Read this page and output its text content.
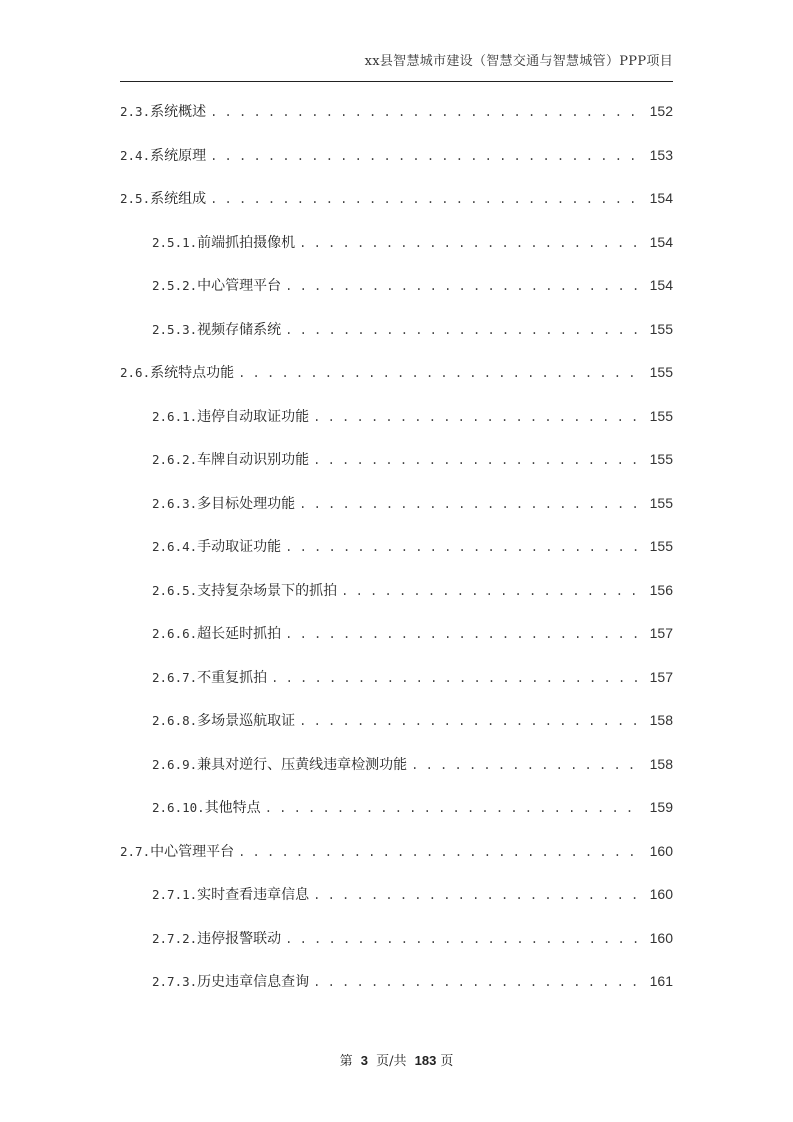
xx县智慧城市建设（智慧交通与智慧城管）PPP项目
2.3. 系统概述 . . .	152
2.4. 系统原理 . . .	153
2.5. 系统组成 . . .	154
2.5.1. 前端抓拍摄像机 . . .	154
2.5.2. 中心管理平台 . . .	154
2.5.3. 视频存储系统 . . .	155
2.6. 系统特点功能 . . .	155
2.6.1. 违停自动取证功能 . . .	155
2.6.2. 车牌自动识别功能 . . .	155
2.6.3. 多目标处理功能 . . .	155
2.6.4. 手动取证功能 . . .	155
2.6.5. 支持复杂场景下的抓拍 . . .	156
2.6.6. 超长延时抓拍 . . .	157
2.6.7. 不重复抓拍 . . .	157
2.6.8. 多场景巡航取证 . . .	158
2.6.9. 兼具对逆行、压黄线违章检测功能 . . .	158
2.6.10. 其他特点 . . .	159
2.7. 中心管理平台 . . .	160
2.7.1. 实时查看违章信息 . . .	160
2.7.2. 违停报警联动 . . .	160
2.7.3. 历史违章信息查询 . . .	161
第 3 页/共 183 页
